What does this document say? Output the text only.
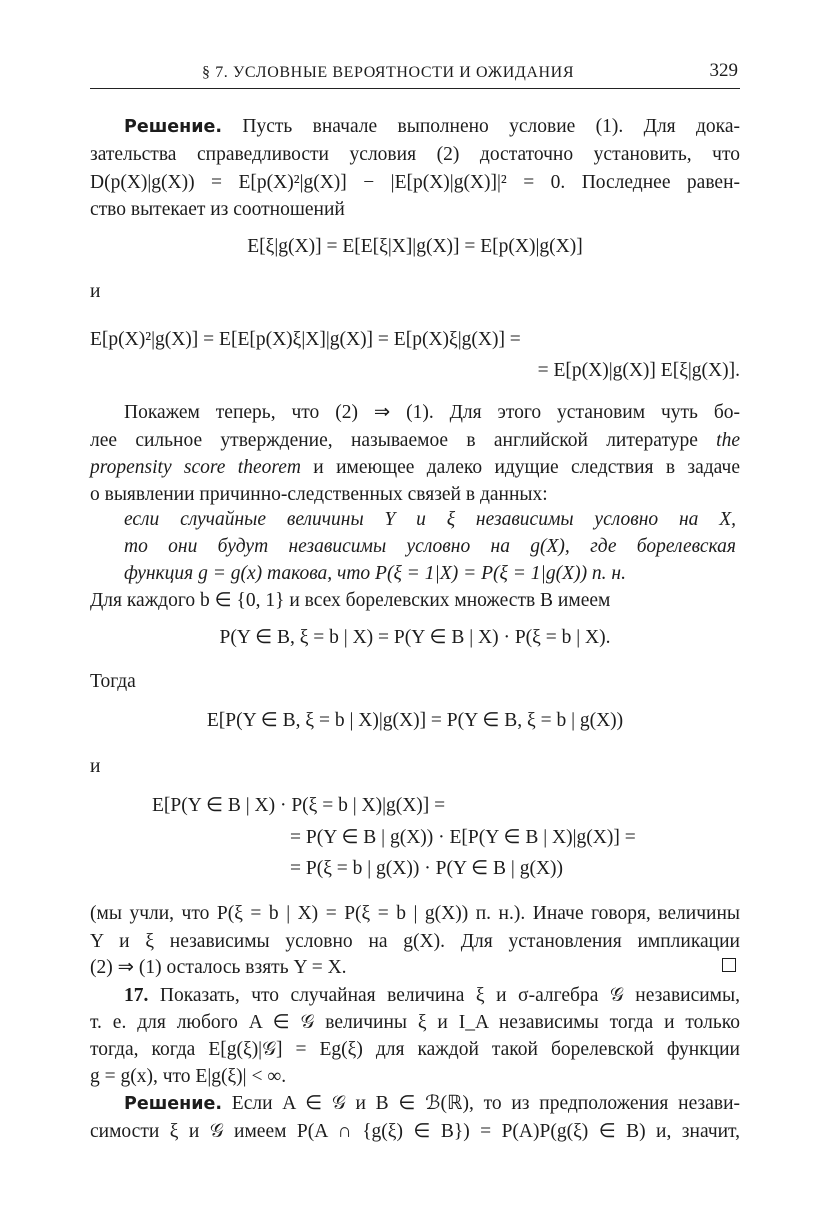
§ 7. УСЛОВНЫЕ ВЕРОЯТНОСТИ И ОЖИДАНИЯ	329
Решение. Пусть вначале выполнено условие (1). Для дока-
зательства справедливости условия (2) достаточно установить, что
D(p(X)|g(X)) = E[p(X)²|g(X)] − |E[p(X)|g(X)]|² = 0. Последнее равен-
ство вытекает из соотношений
E[ξ|g(X)] = E[E[ξ|X]|g(X)] = E[p(X)|g(X)]
и
E[p(X)²|g(X)] = E[E[p(X)ξ|X]|g(X)] = E[p(X)ξ|g(X)] =
= E[p(X)|g(X)] E[ξ|g(X)].
Покажем теперь, что (2) ⇒ (1). Для этого установим чуть бо-
лее сильное утверждение, называемое в английской литературе the
propensity score theorem и имеющее далеко идущие следствия в задаче
о выявлении причинно-следственных связей в данных:
если случайные величины Y и ξ независимы условно на X,
то они будут независимы условно на g(X), где борелевская
функция g = g(x) такова, что P(ξ = 1|X) = P(ξ = 1|g(X)) п. н.
Для каждого b ∈ {0, 1} и всех борелевских множеств B имеем
P(Y ∈ B, ξ = b | X) = P(Y ∈ B | X) · P(ξ = b | X).
Тогда
E[P(Y ∈ B, ξ = b | X)|g(X)] = P(Y ∈ B, ξ = b | g(X))
и
E[P(Y ∈ B | X) · P(ξ = b | X)|g(X)] =
= P(Y ∈ B | g(X)) · E[P(Y ∈ B | X)|g(X)] =
= P(ξ = b | g(X)) · P(Y ∈ B | g(X))
(мы учли, что P(ξ = b | X) = P(ξ = b | g(X)) п. н.). Иначе говоря, величины
Y и ξ независимы условно на g(X). Для установления импликации
(2) ⇒ (1) осталось взять Y = X.
17. Показать, что случайная величина ξ и σ-алгебра 𝒢 независимы,
т. е. для любого A ∈ 𝒢 величины ξ и I_A независимы тогда и только
тогда, когда E[g(ξ)|𝒢] = Eg(ξ) для каждой такой борелевской функции
g = g(x), что E|g(ξ)| < ∞.
Решение. Если A ∈ 𝒢 и B ∈ ℬ(ℝ), то из предположения незави-
симости ξ и 𝒢 имеем P(A ∩ {g(ξ) ∈ B}) = P(A)P(g(ξ) ∈ B) и, значит,
